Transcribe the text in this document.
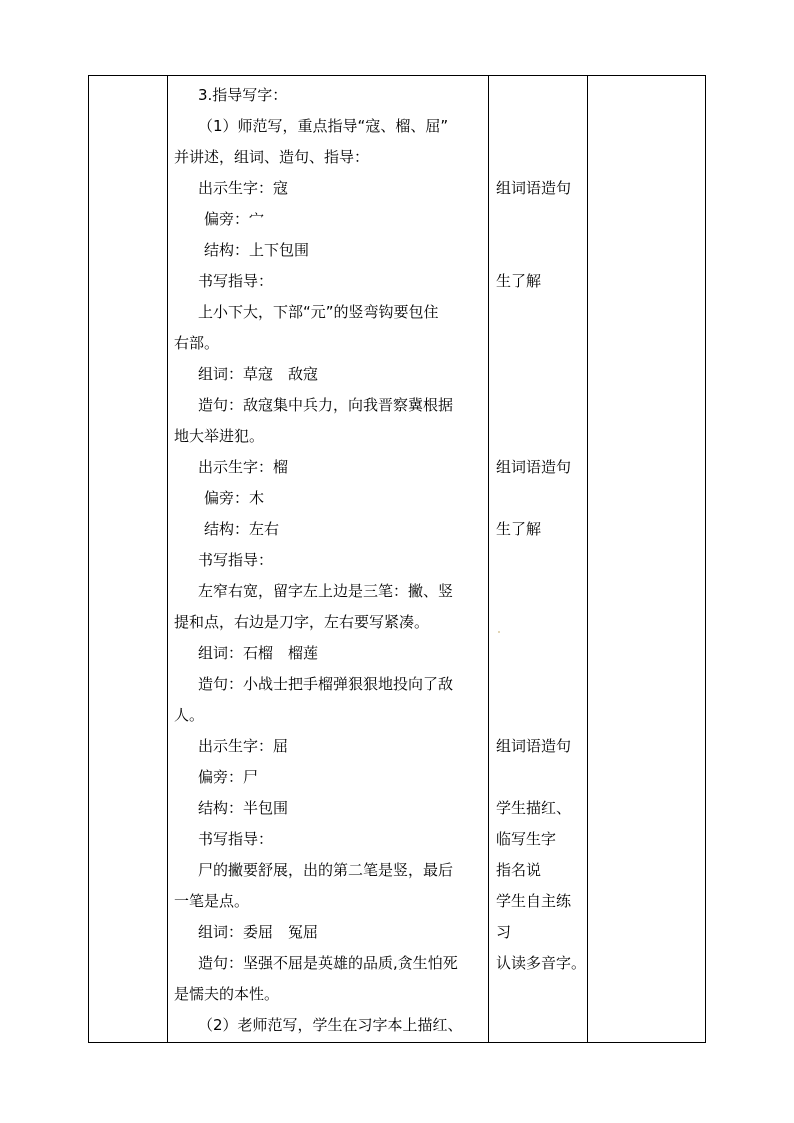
3.指导写字：
（1）师范写，重点指导“寇、榴、屈”
并讲述，组词、造句、指导：
出示生字：寇
偏旁：宀
结构：上下包围
书写指导：
上小下大，下部“元”的竖弯钩要包住
右部。
组词：草寇　敌寇
造句：敌寇集中兵力，向我晋察冀根据
地大举进犯。
出示生字：榴
偏旁：木
结构：左右
书写指导：
左窄右宽，留字左上边是三笔：撇、竖
提和点，右边是刀字，左右要写紧凑。
组词：石榴　榴莲
造句：小战士把手榴弹狠狠地投向了敌
人。
出示生字：屈
偏旁：尸
结构：半包围
书写指导：
尸的撇要舒展，出的第二笔是竖，最后
一笔是点。
组词：委屈　冤屈
造句：坚强不屈是英雄的品质,贪生怕死
是懦夫的本性。
（2）老师范写，学生在习字本上描红、
组词语造句
生了解
组词语造句
生了解
组词语造句
学生描红、
临写生字
指名说
学生自主练
习
认读多音字。
